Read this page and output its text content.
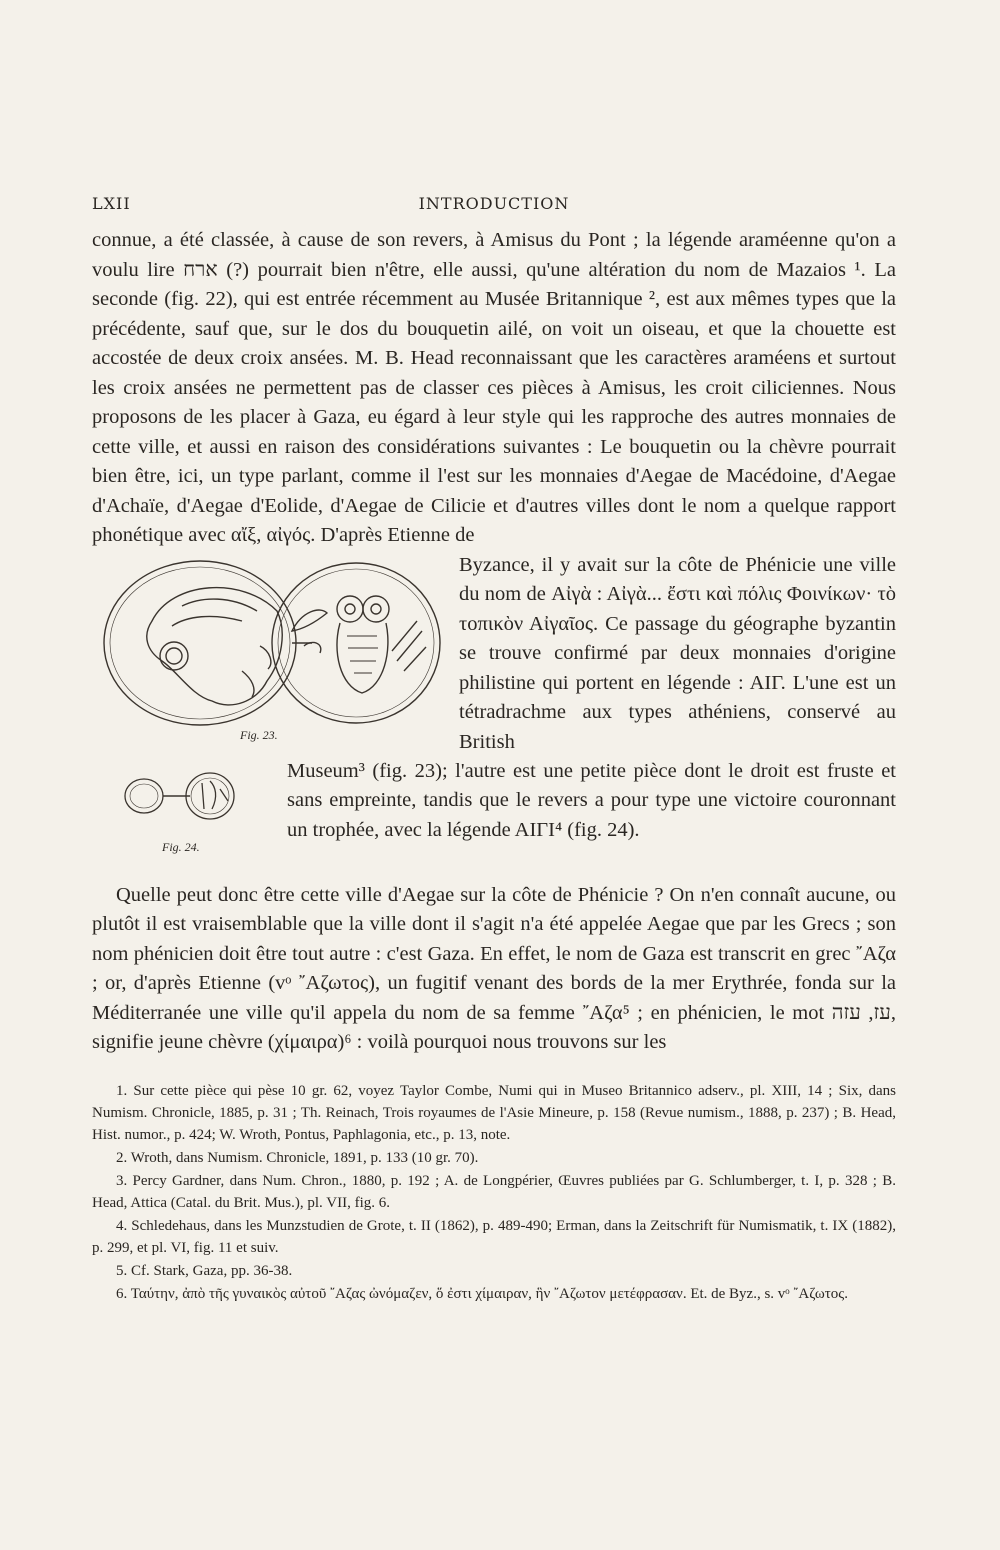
LXII	INTRODUCTION

connue, a été classée, à cause de son revers, à Amisus du Pont ; la légende araméenne qu'on a voulu lire ארח (?) pourrait bien n'être, elle aussi, qu'une altération du nom de Mazaios ¹. La seconde (fig. 22), qui est entrée récemment au Musée Britannique ², est aux mêmes types que la précédente, sauf que, sur le dos du bouquetin ailé, on voit un oiseau, et que la chouette est accostée de deux croix ansées. M. B. Head reconnaissant que les caractères araméens et surtout les croix ansées ne permettent pas de classer ces pièces à Amisus, les croit ciliciennes. Nous proposons de les placer à Gaza, eu égard à leur style qui les rapproche des autres monnaies de cette ville, et aussi en raison des considérations suivantes : Le bouquetin ou la chèvre pourrait bien être, ici, un type parlant, comme il l'est sur les monnaies d'Aegae de Macédoine, d'Aegae d'Achaïe, d'Aegae d'Eolide, d'Aegae de Cilicie et d'autres villes dont le nom a quelque rapport phonétique avec αἴξ, αἰγός. D'après Etienne de

Fig. 23.
Fig. 24.
Byzance, il y avait sur la côte de Phénicie une ville du nom de Αἰγὰ : Αἰγὰ... ἔστι καὶ πόλις Φοινίκων· τὸ τοπικὸν Αἰγαῖος. Ce passage du géographe byzantin se trouve confirmé par deux monnaies d'origine philistine qui portent en légende : AIΓ. L'une est un tétradrachme aux types athéniens, conservé au British
Museum³ (fig. 23); l'autre est une petite pièce dont le droit est fruste et sans empreinte, tandis que le revers a pour type une victoire couronnant un trophée, avec la légende AIΓI⁴ (fig. 24).

Quelle peut donc être cette ville d'Aegae sur la côte de Phénicie ? On n'en connaît aucune, ou plutôt il est vraisemblable que la ville dont il s'agit n'a été appelée Aegae que par les Grecs ; son nom phénicien doit être tout autre : c'est Gaza. En effet, le nom de Gaza est transcrit en grec ῎Αζα ; or, d'après Etienne (vᵒ ῎Αζωτος), un fugitif venant des bords de la mer Erythrée, fonda sur la Méditerranée une ville qu'il appela du nom de sa femme ῎Αζα⁵ ; en phénicien, le mot עז, עזה, signifie jeune chèvre (χίμαιρα)⁶ : voilà pourquoi nous trouvons sur les

1. Sur cette pièce qui pèse 10 gr. 62, voyez Taylor Combe, Numi qui in Museo Britannico adserv., pl. XIII, 14 ; Six, dans Numism. Chronicle, 1885, p. 31 ; Th. Reinach, Trois royaumes de l'Asie Mineure, p. 158 (Revue numism., 1888, p. 237) ; B. Head, Hist. numor., p. 424; W. Wroth, Pontus, Paphlagonia, etc., p. 13, note.

2. Wroth, dans Numism. Chronicle, 1891, p. 133 (10 gr. 70).

3. Percy Gardner, dans Num. Chron., 1880, p. 192 ; A. de Longpérier, Œuvres publiées par G. Schlumberger, t. I, p. 328 ; B. Head, Attica (Catal. du Brit. Mus.), pl. VII, fig. 6.

4. Schledehaus, dans les Munzstudien de Grote, t. II (1862), p. 489-490; Erman, dans la Zeitschrift für Numismatik, t. IX (1882), p. 299, et pl. VI, fig. 11 et suiv.

5. Cf. Stark, Gaza, pp. 36-38.

6. Ταύτην, ἀπὸ τῆς γυναικὸς αὐτοῦ ῎Αζας ὠνόμαζεν, ὅ ἐστι χίμαιραν, ἣν ῎Αζωτον μετέφρασαν. Et. de Byz., s. vᵒ ῎Αζωτος.
